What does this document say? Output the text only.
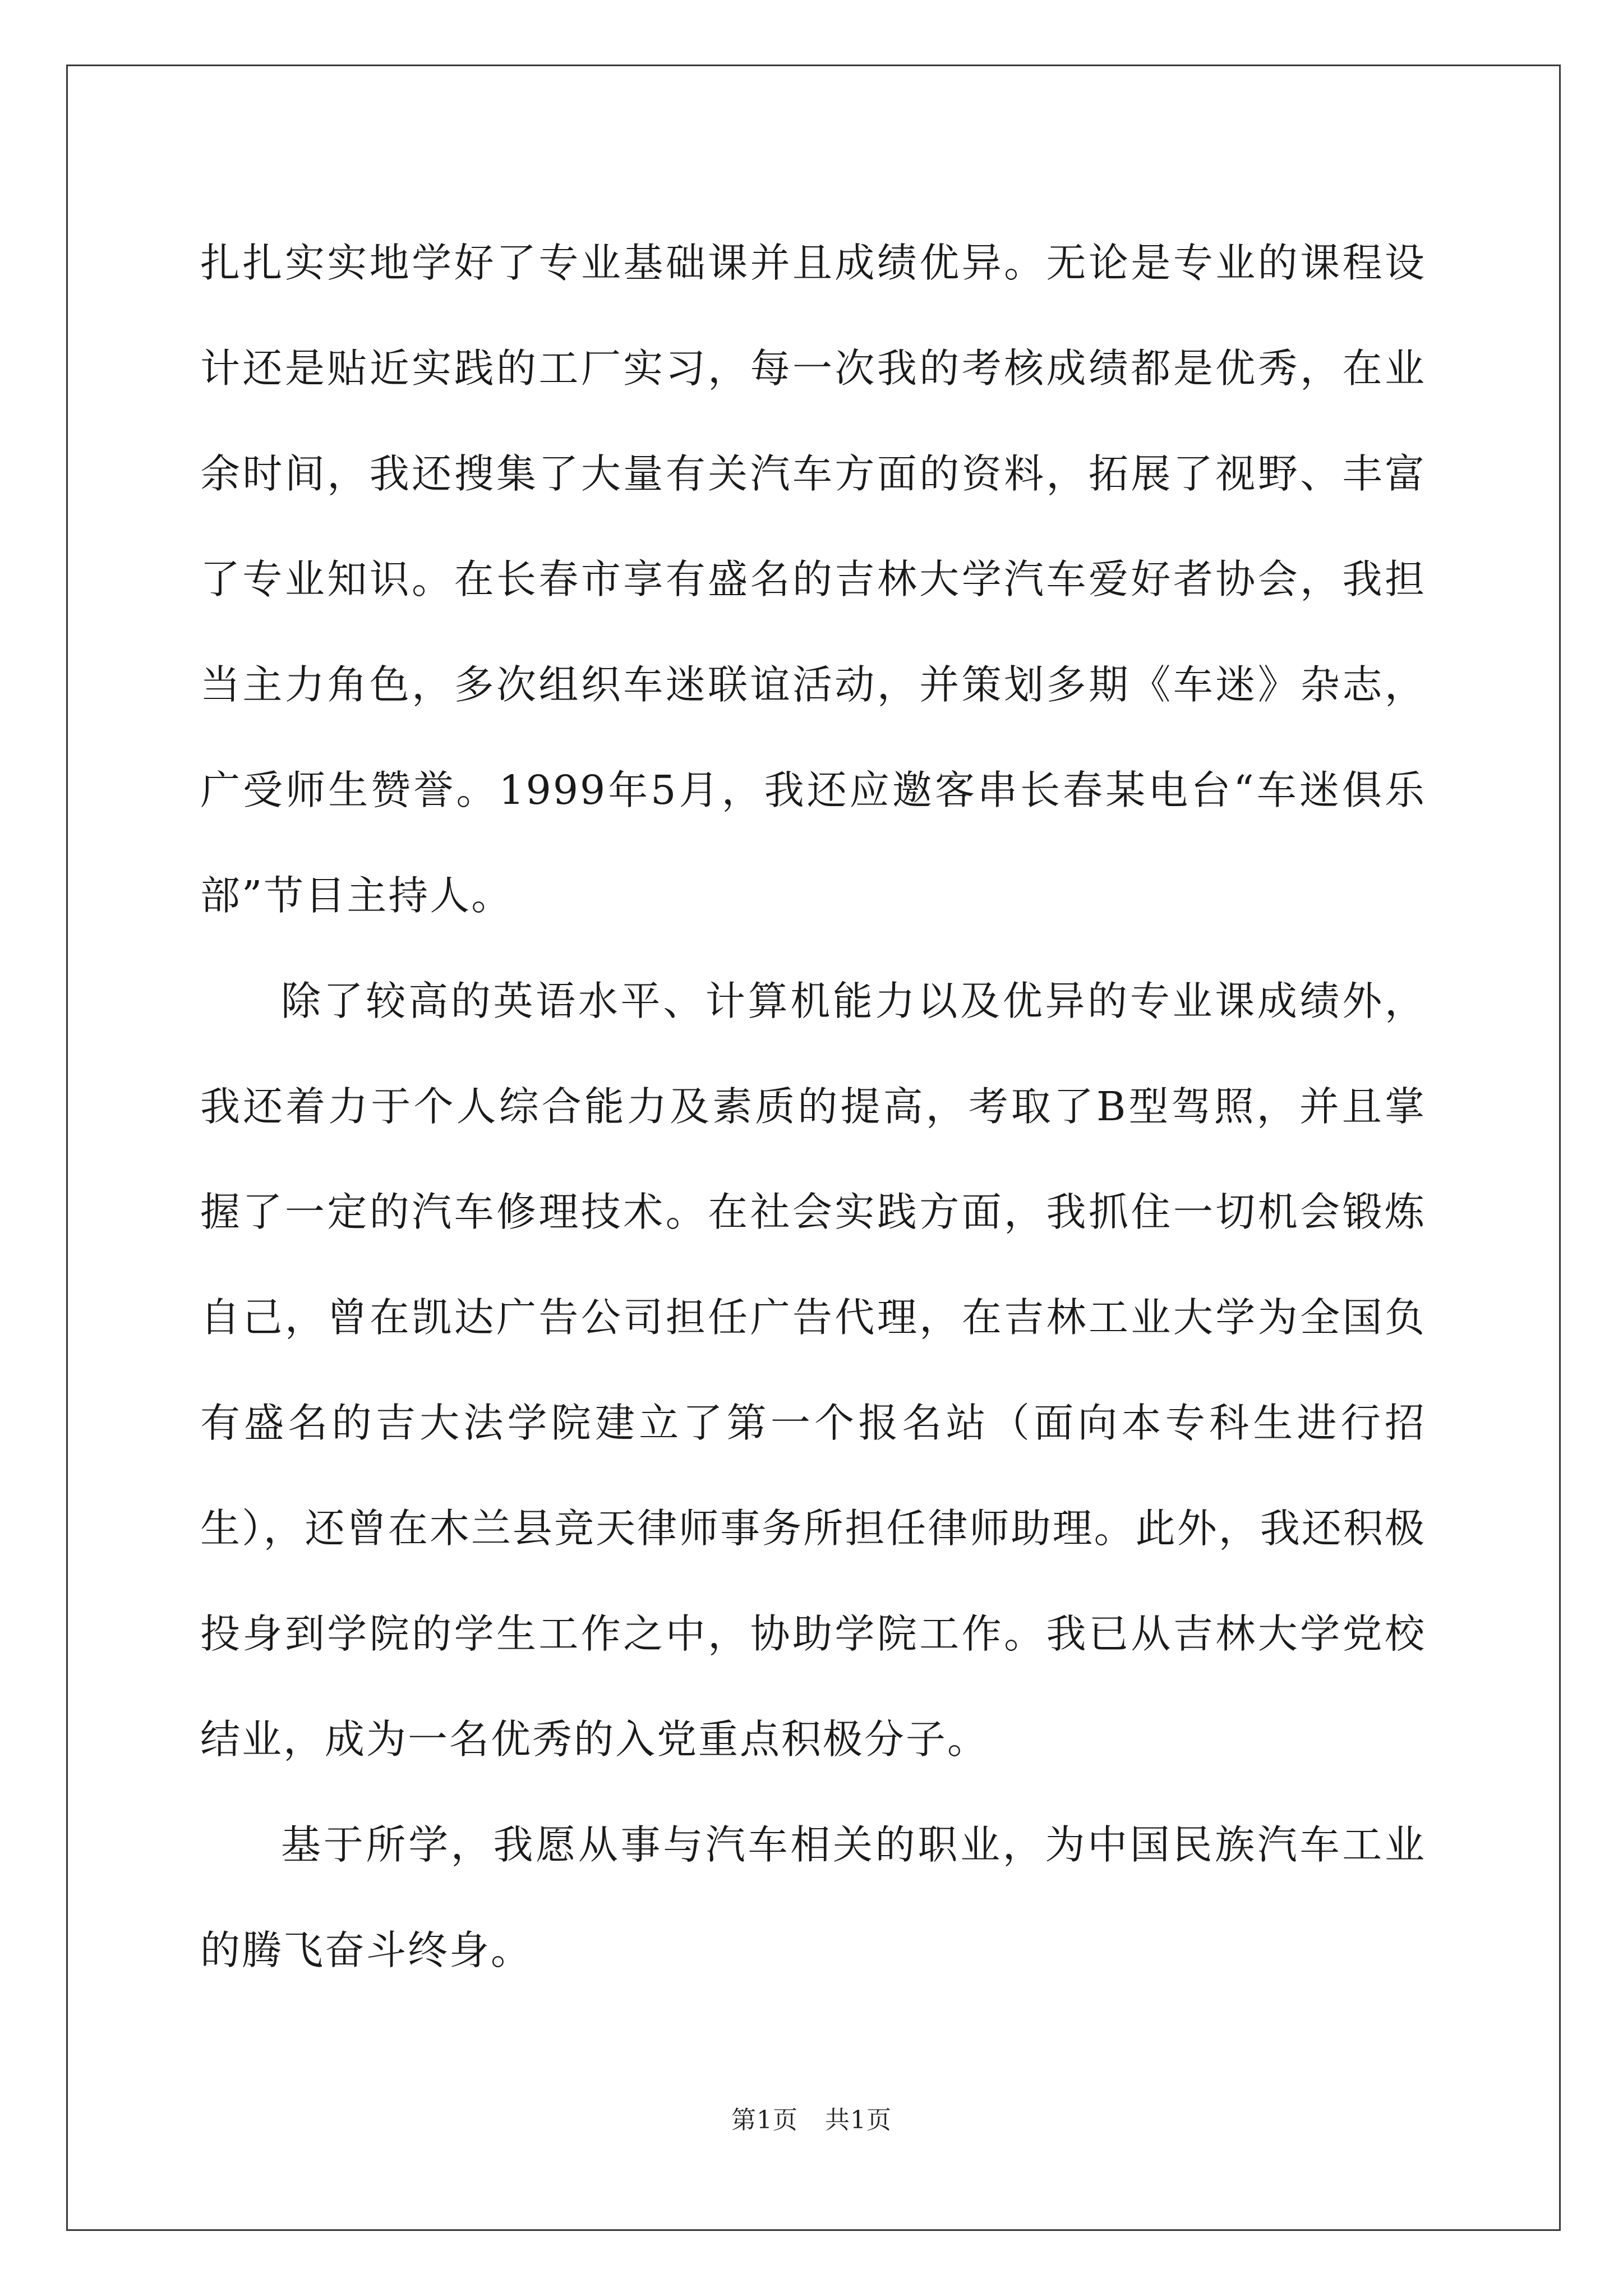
扎扎实实地学好了专业基础课并且成绩优异。无论是专业的课程设计还是贴近实践的工厂实习，每一次我的考核成绩都是优秀，在业余时间，我还搜集了大量有关汽车方面的资料，拓展了视野、丰富了专业知识。在长春市享有盛名的吉林大学汽车爱好者协会，我担当主力角色，多次组织车迷联谊活动，并策划多期《车迷》杂志，广受师生赞誉。1999年5月，我还应邀客串长春某电台“车迷俱乐部”节目主持人。

除了较高的英语水平、计算机能力以及优异的专业课成绩外，我还着力于个人综合能力及素质的提高，考取了B型驾照，并且掌握了一定的汽车修理技术。在社会实践方面，我抓住一切机会锻炼自己，曾在凯达广告公司担任广告代理，在吉林工业大学为全国负有盛名的吉大法学院建立了第一个报名站（面向本专科生进行招生），还曾在木兰县竞天律师事务所担任律师助理。此外，我还积极投身到学院的学生工作之中，协助学院工作。我已从吉林大学党校结业，成为一名优秀的入党重点积极分子。

基于所学，我愿从事与汽车相关的职业，为中国民族汽车工业的腾飞奋斗终身。

第1页 共1页
